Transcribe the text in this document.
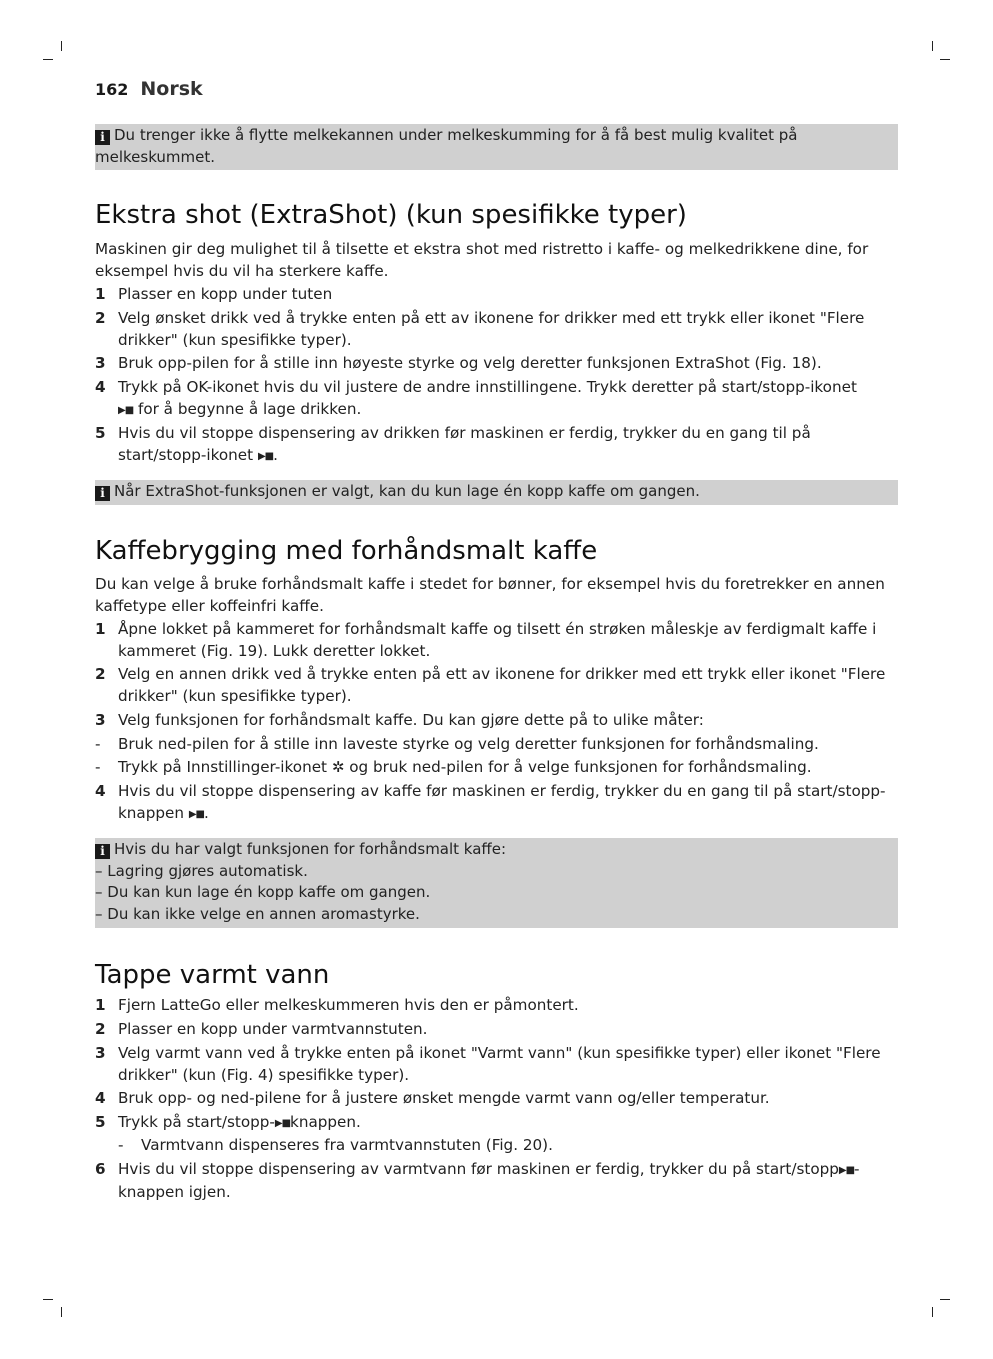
162 Norsk
i Du trenger ikke å flytte melkekannen under melkeskumming for å få best mulig kvalitet på melkeskummet.
Ekstra shot (ExtraShot) (kun spesifikke typer)
Maskinen gir deg mulighet til å tilsette et ekstra shot med ristretto i kaffe- og melkedrikkene dine, for eksempel hvis du vil ha sterkere kaffe.
1 Plasser en kopp under tuten
2 Velg ønsket drikk ved å trykke enten på ett av ikonene for drikker med ett trykk eller ikonet "Flere drikker" (kun spesifikke typer).
3 Bruk opp-pilen for å stille inn høyeste styrke og velg deretter funksjonen ExtraShot (Fig. 18).
4 Trykk på OK-ikonet hvis du vil justere de andre innstillingene. Trykk deretter på start/stopp-ikonet
▶■ for å begynne å lage drikken.
5 Hvis du vil stoppe dispensering av drikken før maskinen er ferdig, trykker du en gang til på start/stopp-ikonet ▶■.
i Når ExtraShot-funksjonen er valgt, kan du kun lage én kopp kaffe om gangen.
Kaffebrygging med forhåndsmalt kaffe
Du kan velge å bruke forhåndsmalt kaffe i stedet for bønner, for eksempel hvis du foretrekker en annen kaffetype eller koffeinfri kaffe.
1 Åpne lokket på kammeret for forhåndsmalt kaffe og tilsett én strøken måleskje av ferdigmalt kaffe i kammeret (Fig. 19). Lukk deretter lokket.
2 Velg en annen drikk ved å trykke enten på ett av ikonene for drikker med ett trykk eller ikonet "Flere drikker" (kun spesifikke typer).
3 Velg funksjonen for forhåndsmalt kaffe. Du kan gjøre dette på to ulike måter:
-	Bruk ned-pilen for å stille inn laveste styrke og velg deretter funksjonen for forhåndsmaling.
-	Trykk på Innstillinger-ikonet ✲ og bruk ned-pilen for å velge funksjonen for forhåndsmaling.
4 Hvis du vil stoppe dispensering av kaffe før maskinen er ferdig, trykker du en gang til på start/stopp-knappen ▶■.
i Hvis du har valgt funksjonen for forhåndsmalt kaffe:
– Lagring gjøres automatisk.
– Du kan kun lage én kopp kaffe om gangen.
– Du kan ikke velge en annen aromastyrke.
Tappe varmt vann
1 Fjern LatteGo eller melkeskummeren hvis den er påmontert.
2 Plasser en kopp under varmtvannstuten.
3 Velg varmt vann ved å trykke enten på ikonet "Varmt vann" (kun spesifikke typer) eller ikonet "Flere drikker" (kun (Fig. 4) spesifikke typer).
4 Bruk opp- og ned-pilene for å justere ønsket mengde varmt vann og/eller temperatur.
5 Trykk på start/stopp-▶■knappen.
-	Varmtvann dispenseres fra varmtvannstuten (Fig. 20).
6 Hvis du vil stoppe dispensering av varmtvann før maskinen er ferdig, trykker du på start/stopp▶■-knappen igjen.
